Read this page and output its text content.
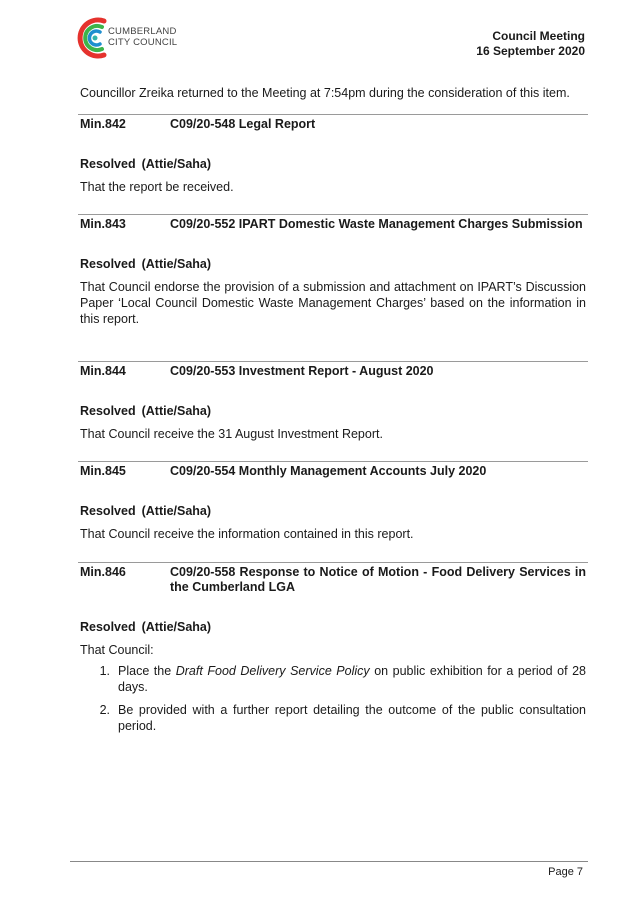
CUMBERLAND
CITY COUNCIL	Council Meeting
16 September 2020
Councillor Zreika returned to the Meeting at 7:54pm during the consideration of this item.
Min.842	C09/20-548 Legal Report
Resolved (Attie/Saha)
That the report be received.
Min.843	C09/20-552 IPART Domestic Waste Management Charges Submission
Resolved (Attie/Saha)
That Council endorse the provision of a submission and attachment on IPART’s Discussion Paper ‘Local Council Domestic Waste Management Charges’ based on the information in this report.
Min.844	C09/20-553 Investment Report - August 2020
Resolved (Attie/Saha)
That Council receive the 31 August Investment Report.
Min.845	C09/20-554 Monthly Management Accounts July 2020
Resolved (Attie/Saha)
That Council receive the information contained in this report.
Min.846	C09/20-558 Response to Notice of Motion - Food Delivery Services in the Cumberland LGA
Resolved (Attie/Saha)
That Council:
1. Place the Draft Food Delivery Service Policy on public exhibition for a period of 28 days.
2. Be provided with a further report detailing the outcome of the public consultation period.
Page 7
